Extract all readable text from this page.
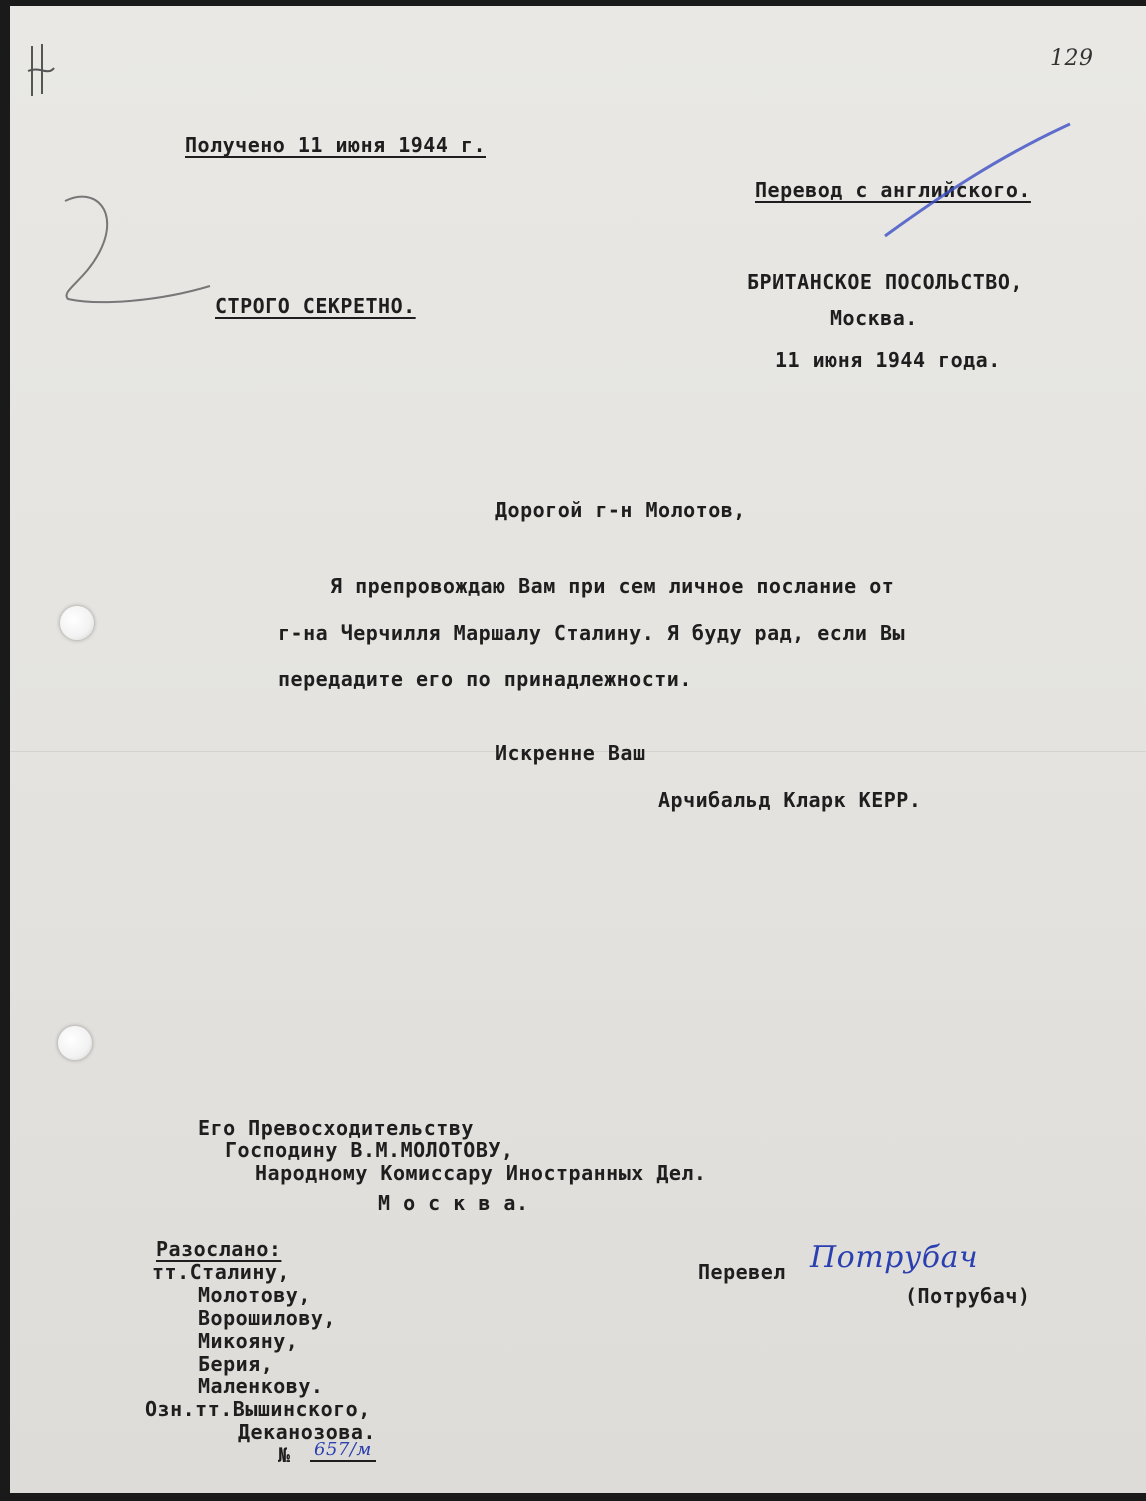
129
Получено 11 июня 1944 г.
Перевод с английского.
СТРОГО СЕКРЕТНО.
БРИТАНСКОЕ ПОСОЛЬСТВО,
Москва.
11 июня 1944 года.
Дорогой г-н Молотов,
Я препровождаю Вам при сем личное послание от
г-на Черчилля Маршалу Сталину. Я буду рад, если Вы
передадите его по принадлежности.
Искренне Ваш
Арчибальд Кларк КЕРР.
Его Превосходительству
Господину В.М.МОЛОТОВУ,
Народному Комиссару Иностранных Дел.
М о с к в а.
Разослано:
тт.Сталину,
Молотову,
Ворошилову,
Микояну,
Берия,
Маленкову.
Озн.тт.Вышинского,
Деканозова.
№ 657/м
Перевел Потрубач
(Потрубач)
